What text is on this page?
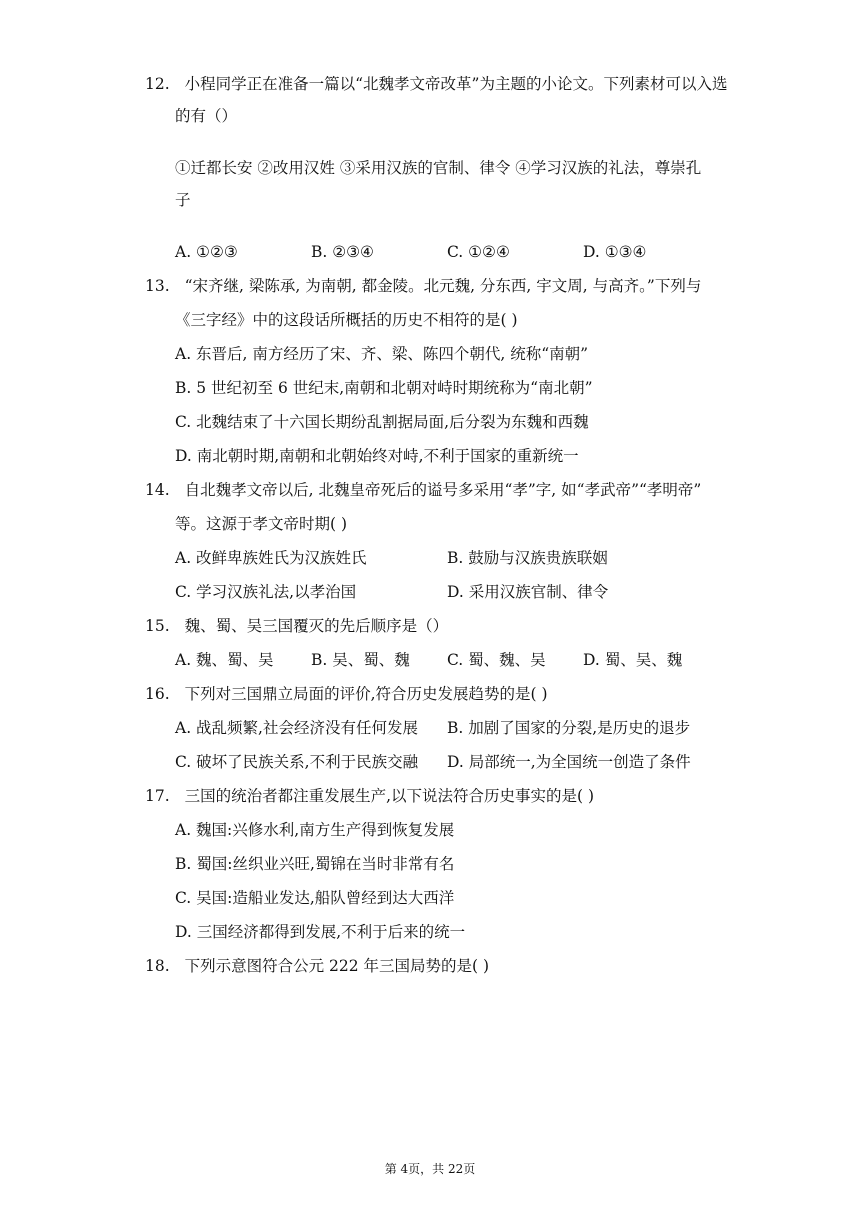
12. 小程同学正在准备一篇以“北魏孝文帝改革”为主题的小论文。下列素材可以入选
的有（）
①迁都长安 ②改用汉姓 ③采用汉族的官制、律令 ④学习汉族的礼法，尊崇孔
子
A. ①②③	B. ②③④	C. ①②④	D. ①③④
13. “宋齐继, 梁陈承, 为南朝, 都金陵。北元魏, 分东西, 宇文周, 与高齐。”下列与
《三字经》中的这段话所概括的历史不相符的是( )
A. 东晋后, 南方经历了宋、齐、梁、陈四个朝代, 统称“南朝”
B. 5 世纪初至 6 世纪末,南朝和北朝对峙时期统称为“南北朝”
C. 北魏结束了十六国长期纷乱割据局面,后分裂为东魏和西魏
D. 南北朝时期,南朝和北朝始终对峙,不利于国家的重新统一
14. 自北魏孝文帝以后, 北魏皇帝死后的谥号多采用“孝”字, 如“孝武帝”“孝明帝”
等。这源于孝文帝时期( )
A. 改鲜卑族姓氏为汉族姓氏	B. 鼓励与汉族贵族联姻
C. 学习汉族礼法,以孝治国	D. 采用汉族官制、律令
15. 魏、蜀、吴三国覆灭的先后顺序是（）
A. 魏、蜀、吴 B. 吴、蜀、魏 C. 蜀、魏、吴 D. 蜀、吴、魏
16. 下列对三国鼎立局面的评价,符合历史发展趋势的是( )
A. 战乱频繁,社会经济没有任何发展 B. 加剧了国家的分裂,是历史的退步
C. 破坏了民族关系,不利于民族交融 D. 局部统一,为全国统一创造了条件
17. 三国的统治者都注重发展生产,以下说法符合历史事实的是( )
A. 魏国:兴修水利,南方生产得到恢复发展
B. 蜀国:丝织业兴旺,蜀锦在当时非常有名
C. 吴国:造船业发达,船队曾经到达大西洋
D. 三国经济都得到发展,不利于后来的统一
18. 下列示意图符合公元 222 年三国局势的是( )
第 4页，共 22页
